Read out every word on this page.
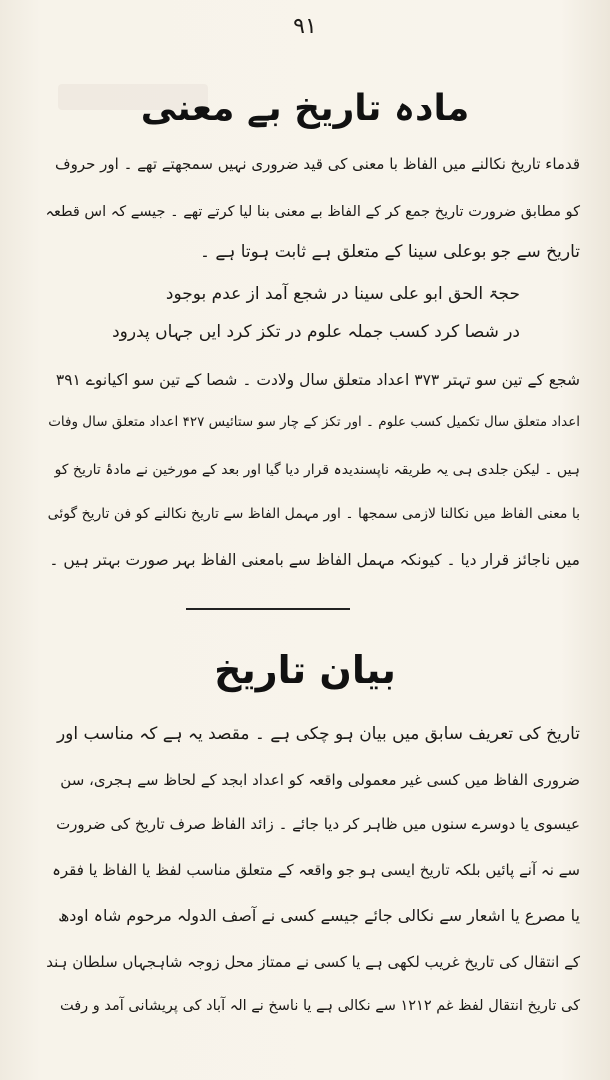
۹۱
مادہ تاریخ بے معنی
قدماء تاریخ نکالنے میں الفاظ با معنی کی قید ضروری نہیں سمجھتے تھے ۔ اور حروف
کو مطابق ضرورت تاریخ جمع کر کے الفاظ بے معنی بنا لیا کرتے تھے ۔ جیسے کہ اس قطعہ
تاریخ سے جو بوعلی سینا کے متعلق ہے ثابت ہوتا ہے ۔
حجۃ الحق ابو علی سینا در شجع آمد از عدم بوجود
در شصا کرد کسب جملہ علوم در تکز کرد ایں جہاں پدرود
شجع کے تین سو تہتر ۳۷۳ اعداد متعلق سال ولادت ۔ شصا کے تین سو اکیانوے ۳۹۱
اعداد متعلق سال تکمیل کسب علوم ۔ اور تکز کے چار سو ستائیس ۴۲۷ اعداد متعلق سال وفات
ہیں ۔ لیکن جلدی ہی یہ طریقہ ناپسندیدہ قرار دیا گیا اور بعد کے مورخین نے مادۂ تاریخ کو
با معنی الفاظ میں نکالنا لازمی سمجھا ۔ اور مہمل الفاظ سے تاریخ نکالنے کو فن تاریخ گوئی
میں ناجائز قرار دیا ۔ کیونکہ مہمل الفاظ سے بامعنی الفاظ بہر صورت بہتر ہیں ۔
بیان تاریخ
تاریخ کی تعریف سابق میں بیان ہو چکی ہے ۔ مقصد یہ ہے کہ مناسب اور
ضروری الفاظ میں کسی غیر معمولی واقعہ کو اعداد ابجد کے لحاظ سے ہجری، سن
عیسوی یا دوسرے سنوں میں ظاہر کر دیا جائے ۔ زائد الفاظ صرف تاریخ کی ضرورت
سے نہ آنے پائیں بلکہ تاریخ ایسی ہو جو واقعہ کے متعلق مناسب لفظ یا الفاظ یا فقرہ
یا مصرع یا اشعار سے نکالی جائے جیسے کسی نے آصف الدولہ مرحوم شاہ اودھ
کے انتقال کی تاریخ غریب لکھی ہے یا کسی نے ممتاز محل زوجہ شاہجہاں سلطان ہند
کی تاریخ انتقال لفظ غم ۱۲۱۲ سے نکالی ہے یا ناسخ نے الہ آباد کی پریشانی آمد و رفت
